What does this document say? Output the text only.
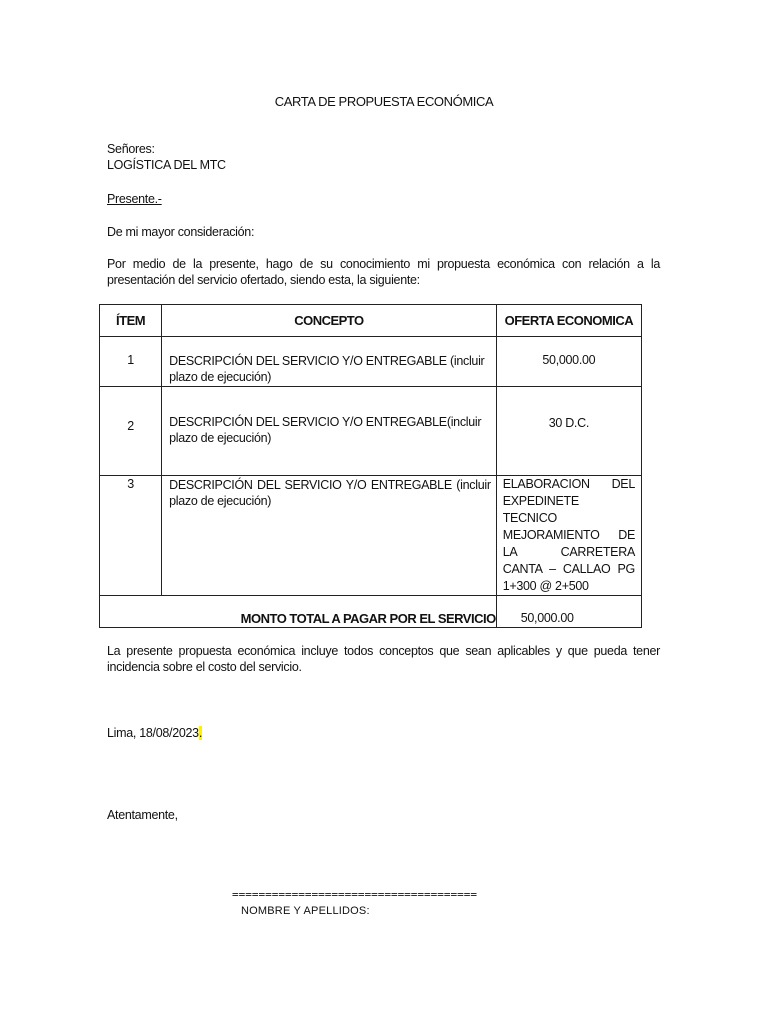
CARTA DE PROPUESTA ECONÓMICA
Señores:
LOGÍSTICA DEL MTC
Presente.-
De mi mayor consideración:
Por medio de la presente, hago de su conocimiento mi propuesta económica con relación a la presentación del servicio ofertado, siendo esta, la siguiente:
ÍTEM	CONCEPTO	OFERTA ECONOMICA
1	DESCRIPCIÓN DEL SERVICIO Y/O ENTREGABLE (incluir plazo de ejecución)	50,000.00
2	DESCRIPCIÓN DEL SERVICIO Y/O ENTREGABLE(incluir plazo de ejecución)	30 D.C.
3	DESCRIPCIÓN DEL SERVICIO Y/O ENTREGABLE (incluir plazo de ejecución)	ELABORACION DEL EXPEDINETE TECNICO MEJORAMIENTO DE LA CARRETERA CANTA – CALLAO PG 1+300 @ 2+500

MONTO TOTAL A PAGAR POR EL SERVICIO		50,000.00
La presente propuesta económica incluye todos conceptos que sean aplicables y que pueda tener incidencia sobre el costo del servicio.
Lima, 18/08/2023.
Atentamente,
=====================================
NOMBRE Y APELLIDOS:
